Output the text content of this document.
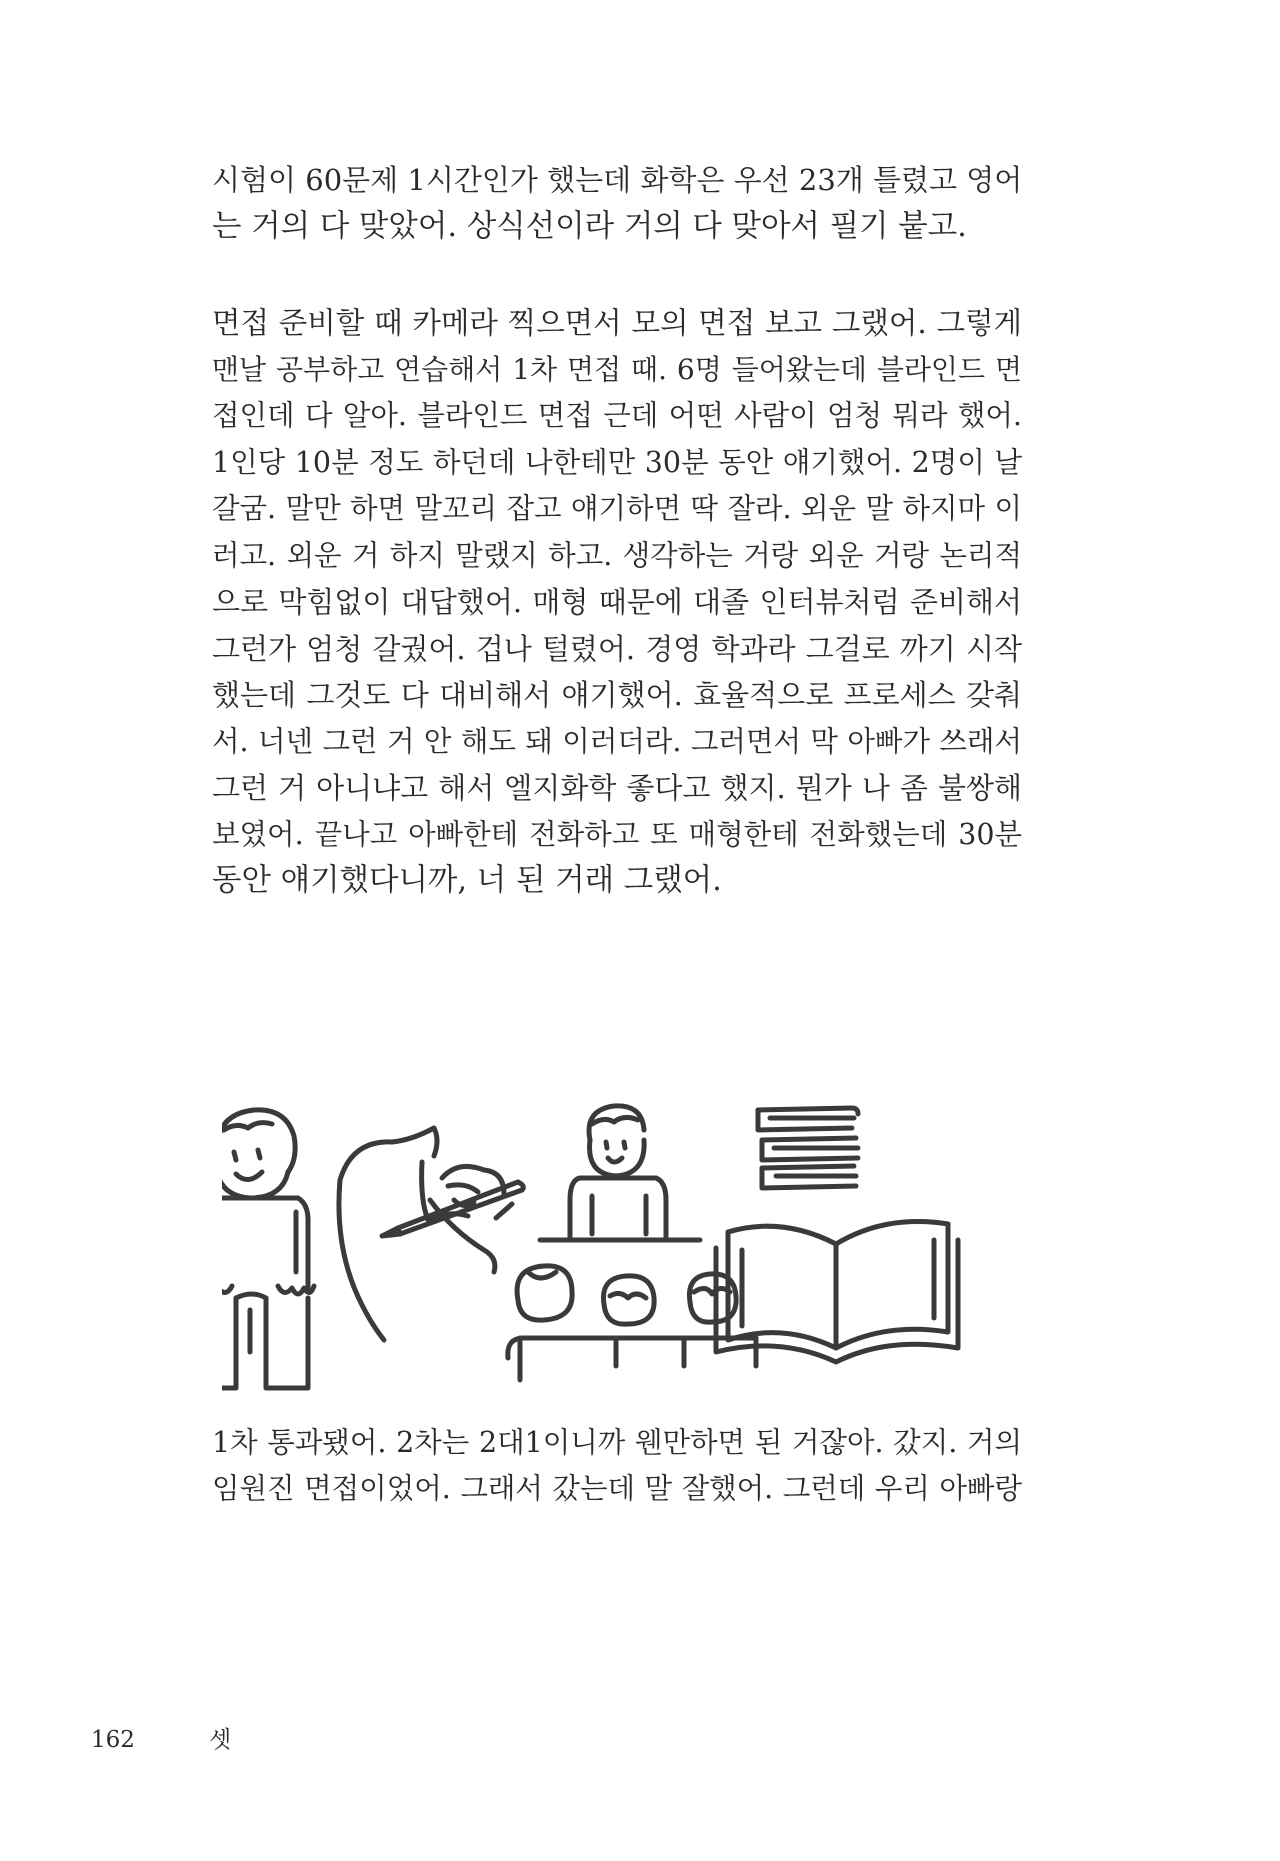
시험이 60문제 1시간인가 했는데 화학은 우선 23개 틀렸고 영어

는 거의 다 맞았어. 상식선이라 거의 다 맞아서 필기 붙고.

면접 준비할 때 카메라 찍으면서 모의 면접 보고 그랬어. 그렇게

맨날 공부하고 연습해서 1차 면접 때. 6명 들어왔는데 블라인드 면

접인데 다 알아. 블라인드 면접 근데 어떤 사람이 엄청 뭐라 했어.

1인당 10분 정도 하던데 나한테만 30분 동안 얘기했어. 2명이 날

갈굼. 말만 하면 말꼬리 잡고 얘기하면 딱 잘라. 외운 말 하지마 이

러고. 외운 거 하지 말랬지 하고. 생각하는 거랑 외운 거랑 논리적

으로 막힘없이 대답했어. 매형 때문에 대졸 인터뷰처럼 준비해서

그런가 엄청 갈궜어. 겁나 털렸어. 경영 학과라 그걸로 까기 시작

했는데 그것도 다 대비해서 얘기했어. 효율적으로 프로세스 갖춰

서. 너넨 그런 거 안 해도 돼 이러더라. 그러면서 막 아빠가 쓰래서

그런 거 아니냐고 해서 엘지화학 좋다고 했지. 뭔가 나 좀 불쌍해

보였어. 끝나고 아빠한테 전화하고 또 매형한테 전화했는데 30분

동안 얘기했다니까, 너 된 거래 그랬어.

1차 통과됐어. 2차는 2대1이니까 웬만하면 된 거잖아. 갔지. 거의

임원진 면접이었어. 그래서 갔는데 말 잘했어. 그런데 우리 아빠랑

162	셋
